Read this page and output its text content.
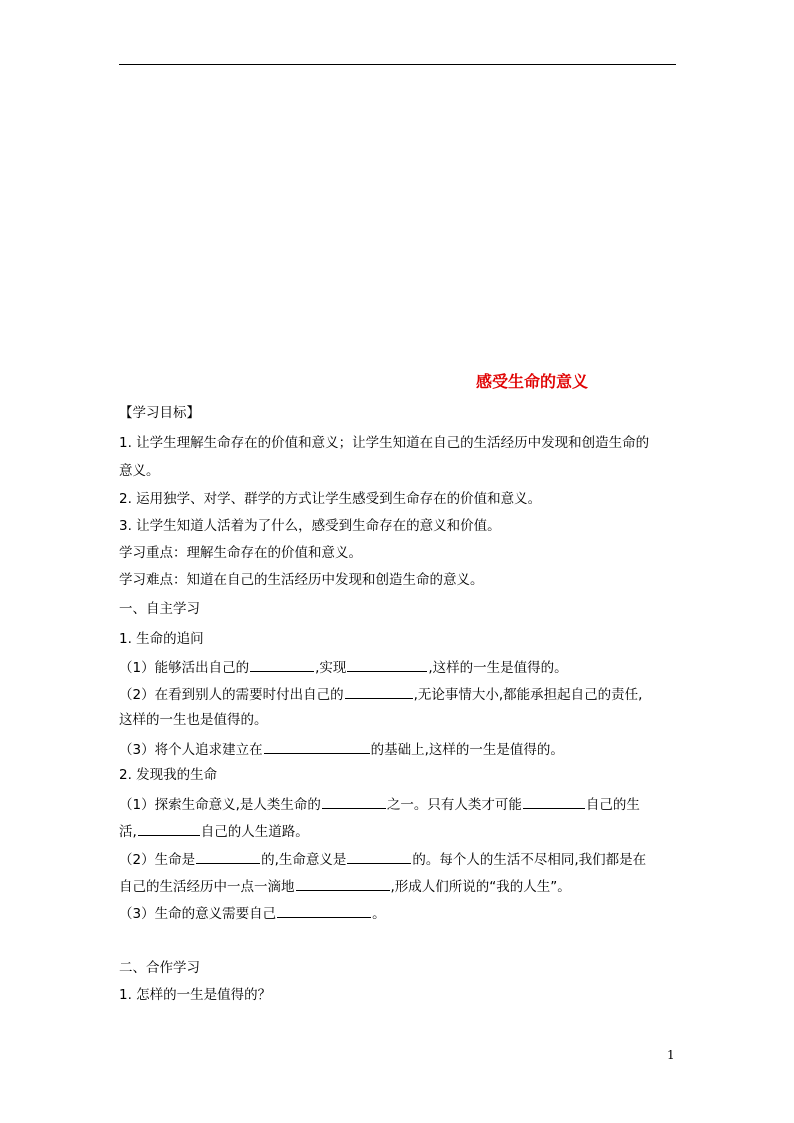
感受生命的意义
【学习目标】
1. 让学生理解生命存在的价值和意义；让学生知道在自己的生活经历中发现和创造生命的
意义。
2. 运用独学、对学、群学的方式让学生感受到生命存在的价值和意义。
3. 让学生知道人活着为了什么，感受到生命存在的意义和价值。
学习重点：理解生命存在的价值和意义。
学习难点：知道在自己的生活经历中发现和创造生命的意义。
一、自主学习
1. 生命的追问
（1）能够活出自己的	,实现	,这样的一生是值得的。
（2）在看到别人的需要时付出自己的	,无论事情大小,都能承担起自己的责任,
这样的一生也是值得的。
（3）将个人追求建立在	的基础上,这样的一生是值得的。
2. 发现我的生命
（1）探索生命意义,是人类生命的	之一。只有人类才可能	自己的生
活,	自己的人生道路。
（2）生命是	的,生命意义是	的。每个人的生活不尽相同,我们都是在
自己的生活经历中一点一滴地	,形成人们所说的“我的人生”。
（3）生命的意义需要自己	。
二、合作学习
1. 怎样的一生是值得的？
1
